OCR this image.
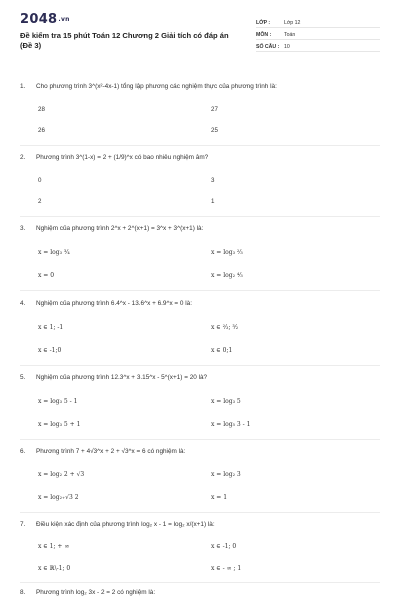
2048.vn
Đề kiểm tra 15 phút Toán 12 Chương 2 Giải tích có đáp án (Đề 3)
LỚP :	Lớp 12
MÔN :	Toán
SỐ CÂU : 10
1.	Cho phương trình 3^(x²-4x-1) tổng lập phương các nghiệm thực của phương trình là:
28	27
26	25
2.	Phương trình 3^(1-x) = 2 + (1/9)^x có bao nhiêu nghiệm âm?
0	3
2	1
3.	Nghiệm của phương trình 2^x + 2^(x+1) = 3^x + 3^(x+1) là:
x = log₃ ³⁄₄	x = log₃ ²⁄₃
x = 0	x = log₂ ⁴⁄₃
4.	Nghiệm của phương trình 6.4^x - 13.6^x + 6.9^x = 0 là:
x ∈ 1; -1	x ∈ ²⁄₃; ³⁄₂
x ∈ -1;0	x ∈ 0;1
5.	Nghiệm của phương trình 12.3^x + 3.15^x - 5^(x+1) = 20 là?
x = log₃ 5 - 1	x = log₃ 5
x = log₃ 5 + 1	x = log₅ 3 - 1
6.	Phương trình 7 + 4√3^x + 2 + √3^x = 6 có nghiệm là:
x = log₂ 2 + √3	x = log₂ 3
x = log₂₊√3 2	x = 1
7.	Điều kiện xác định của phương trình log₂ x - 1 = log₂ x/(x+1) là:
x ∈ 1; + ∞	x ∈ -1; 0
x ∈ ℝ\-1; 0	x ∈ - ∞ ; 1
8.	Phương trình log₂ 3x - 2 = 2 có nghiệm là:
